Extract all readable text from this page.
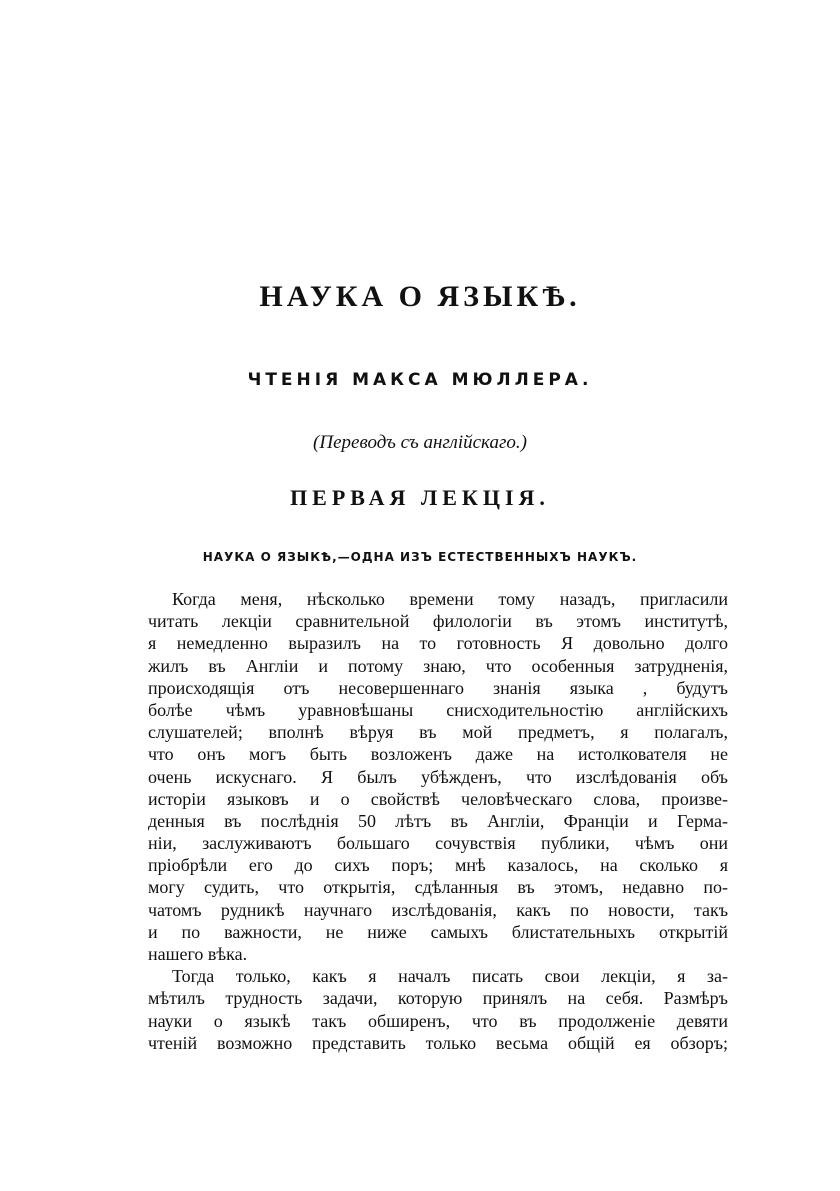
НАУКА О ЯЗЫКѢ.
ЧТЕНІЯ МАКСА МЮЛЛЕРА.

(Переводъ съ англійскаго.)

ПЕРВАЯ ЛЕКЦІЯ.
НАУКА О ЯЗЫКѢ,—ОДНА ИЗЪ ЕСТЕСТВЕННЫХЪ НАУКЪ.
Когда меня, нѣсколько времени тому назадъ, пригласили
читать лекціи сравнительной филологіи въ этомъ институтѣ,
я немедленно выразилъ на то готовность Я довольно долго
жилъ въ Англіи и потому знаю, что особенныя затрудненія,
происходящія отъ несовершеннаго знанія языка , будутъ
болѣе чѣмъ уравновѣшаны снисходительностію англійскихъ
слушателей; вполнѣ вѣруя въ мой предметъ, я полагалъ,
что онъ могъ быть возложенъ даже на истолкователя не
очень искуснаго. Я былъ убѣжденъ, что изслѣдованія объ
исторіи языковъ и о свойствѣ человѣческаго слова, произве-
денныя въ послѣднія 50 лѣтъ въ Англіи, Франціи и Герма-
ніи, заслуживаютъ большаго сочувствія публики, чѣмъ они
пріобрѣли его до сихъ поръ; мнѣ казалось, на сколько я
могу судить, что открытія, сдѣланныя въ этомъ, недавно по-
чатомъ рудникѣ научнаго изслѣдованія, какъ по новости, такъ
и по важности, не ниже самыхъ блистательныхъ открытій
нашего вѣка.
Тогда только, какъ я началъ писать свои лекціи, я за-
мѣтилъ трудность задачи, которую принялъ на себя. Размѣръ
науки о языкѣ такъ обширенъ, что въ продолженіе девяти
чтеній возможно представить только весьма общій ея обзоръ;
